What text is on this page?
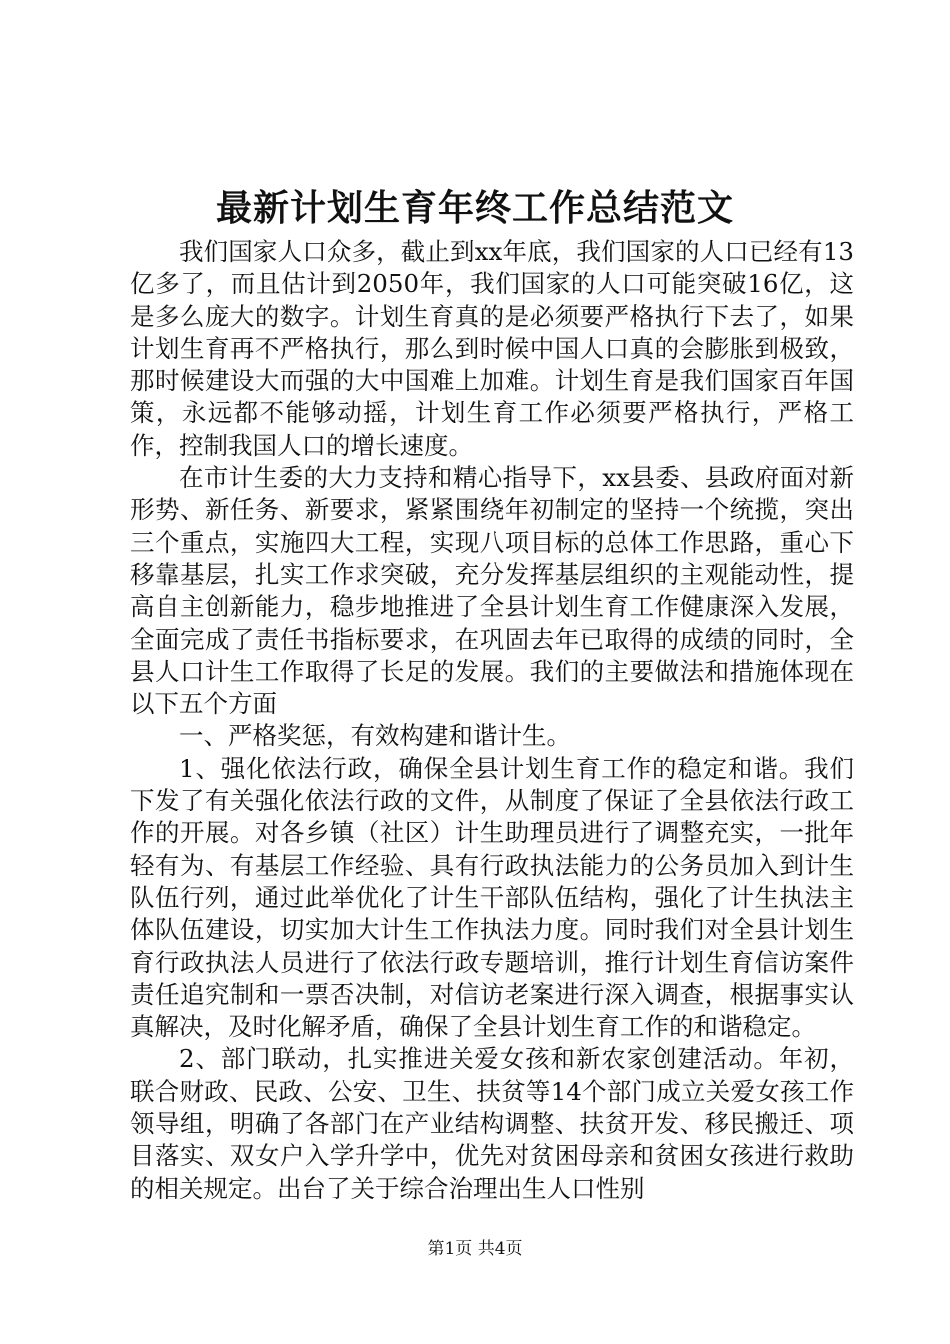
最新计划生育年终工作总结范文

我们国家人口众多，截止到xx年底，我们国家的人口已经有13亿多了，而且估计到2050年，我们国家的人口可能突破16亿，这是多么庞大的数字。计划生育真的是必须要严格执行下去了，如果计划生育再不严格执行，那么到时候中国人口真的会膨胀到极致，那时候建设大而强的大中国难上加难。计划生育是我们国家百年国策，永远都不能够动摇，计划生育工作必须要严格执行，严格工作，控制我国人口的增长速度。

在市计生委的大力支持和精心指导下，xx县委、县政府面对新形势、新任务、新要求，紧紧围绕年初制定的坚持一个统揽，突出三个重点，实施四大工程，实现八项目标的总体工作思路，重心下移靠基层，扎实工作求突破，充分发挥基层组织的主观能动性，提高自主创新能力，稳步地推进了全县计划生育工作健康深入发展，全面完成了责任书指标要求，在巩固去年已取得的成绩的同时，全县人口计生工作取得了长足的发展。我们的主要做法和措施体现在以下五个方面

一、严格奖惩，有效构建和谐计生。

1、强化依法行政，确保全县计划生育工作的稳定和谐。我们下发了有关强化依法行政的文件，从制度了保证了全县依法行政工作的开展。对各乡镇（社区）计生助理员进行了调整充实，一批年轻有为、有基层工作经验、具有行政执法能力的公务员加入到计生队伍行列，通过此举优化了计生干部队伍结构，强化了计生执法主体队伍建设，切实加大计生工作执法力度。同时我们对全县计划生育行政执法人员进行了依法行政专题培训，推行计划生育信访案件责任追究制和一票否决制，对信访老案进行深入调查，根据事实认真解决，及时化解矛盾，确保了全县计划生育工作的和谐稳定。

2、部门联动，扎实推进关爱女孩和新农家创建活动。年初，联合财政、民政、公安、卫生、扶贫等14个部门成立关爱女孩工作领导组，明确了各部门在产业结构调整、扶贫开发、移民搬迁、项目落实、双女户入学升学中，优先对贫困母亲和贫困女孩进行救助的相关规定。出台了关于综合治理出生人口性别

第1页 共4页
